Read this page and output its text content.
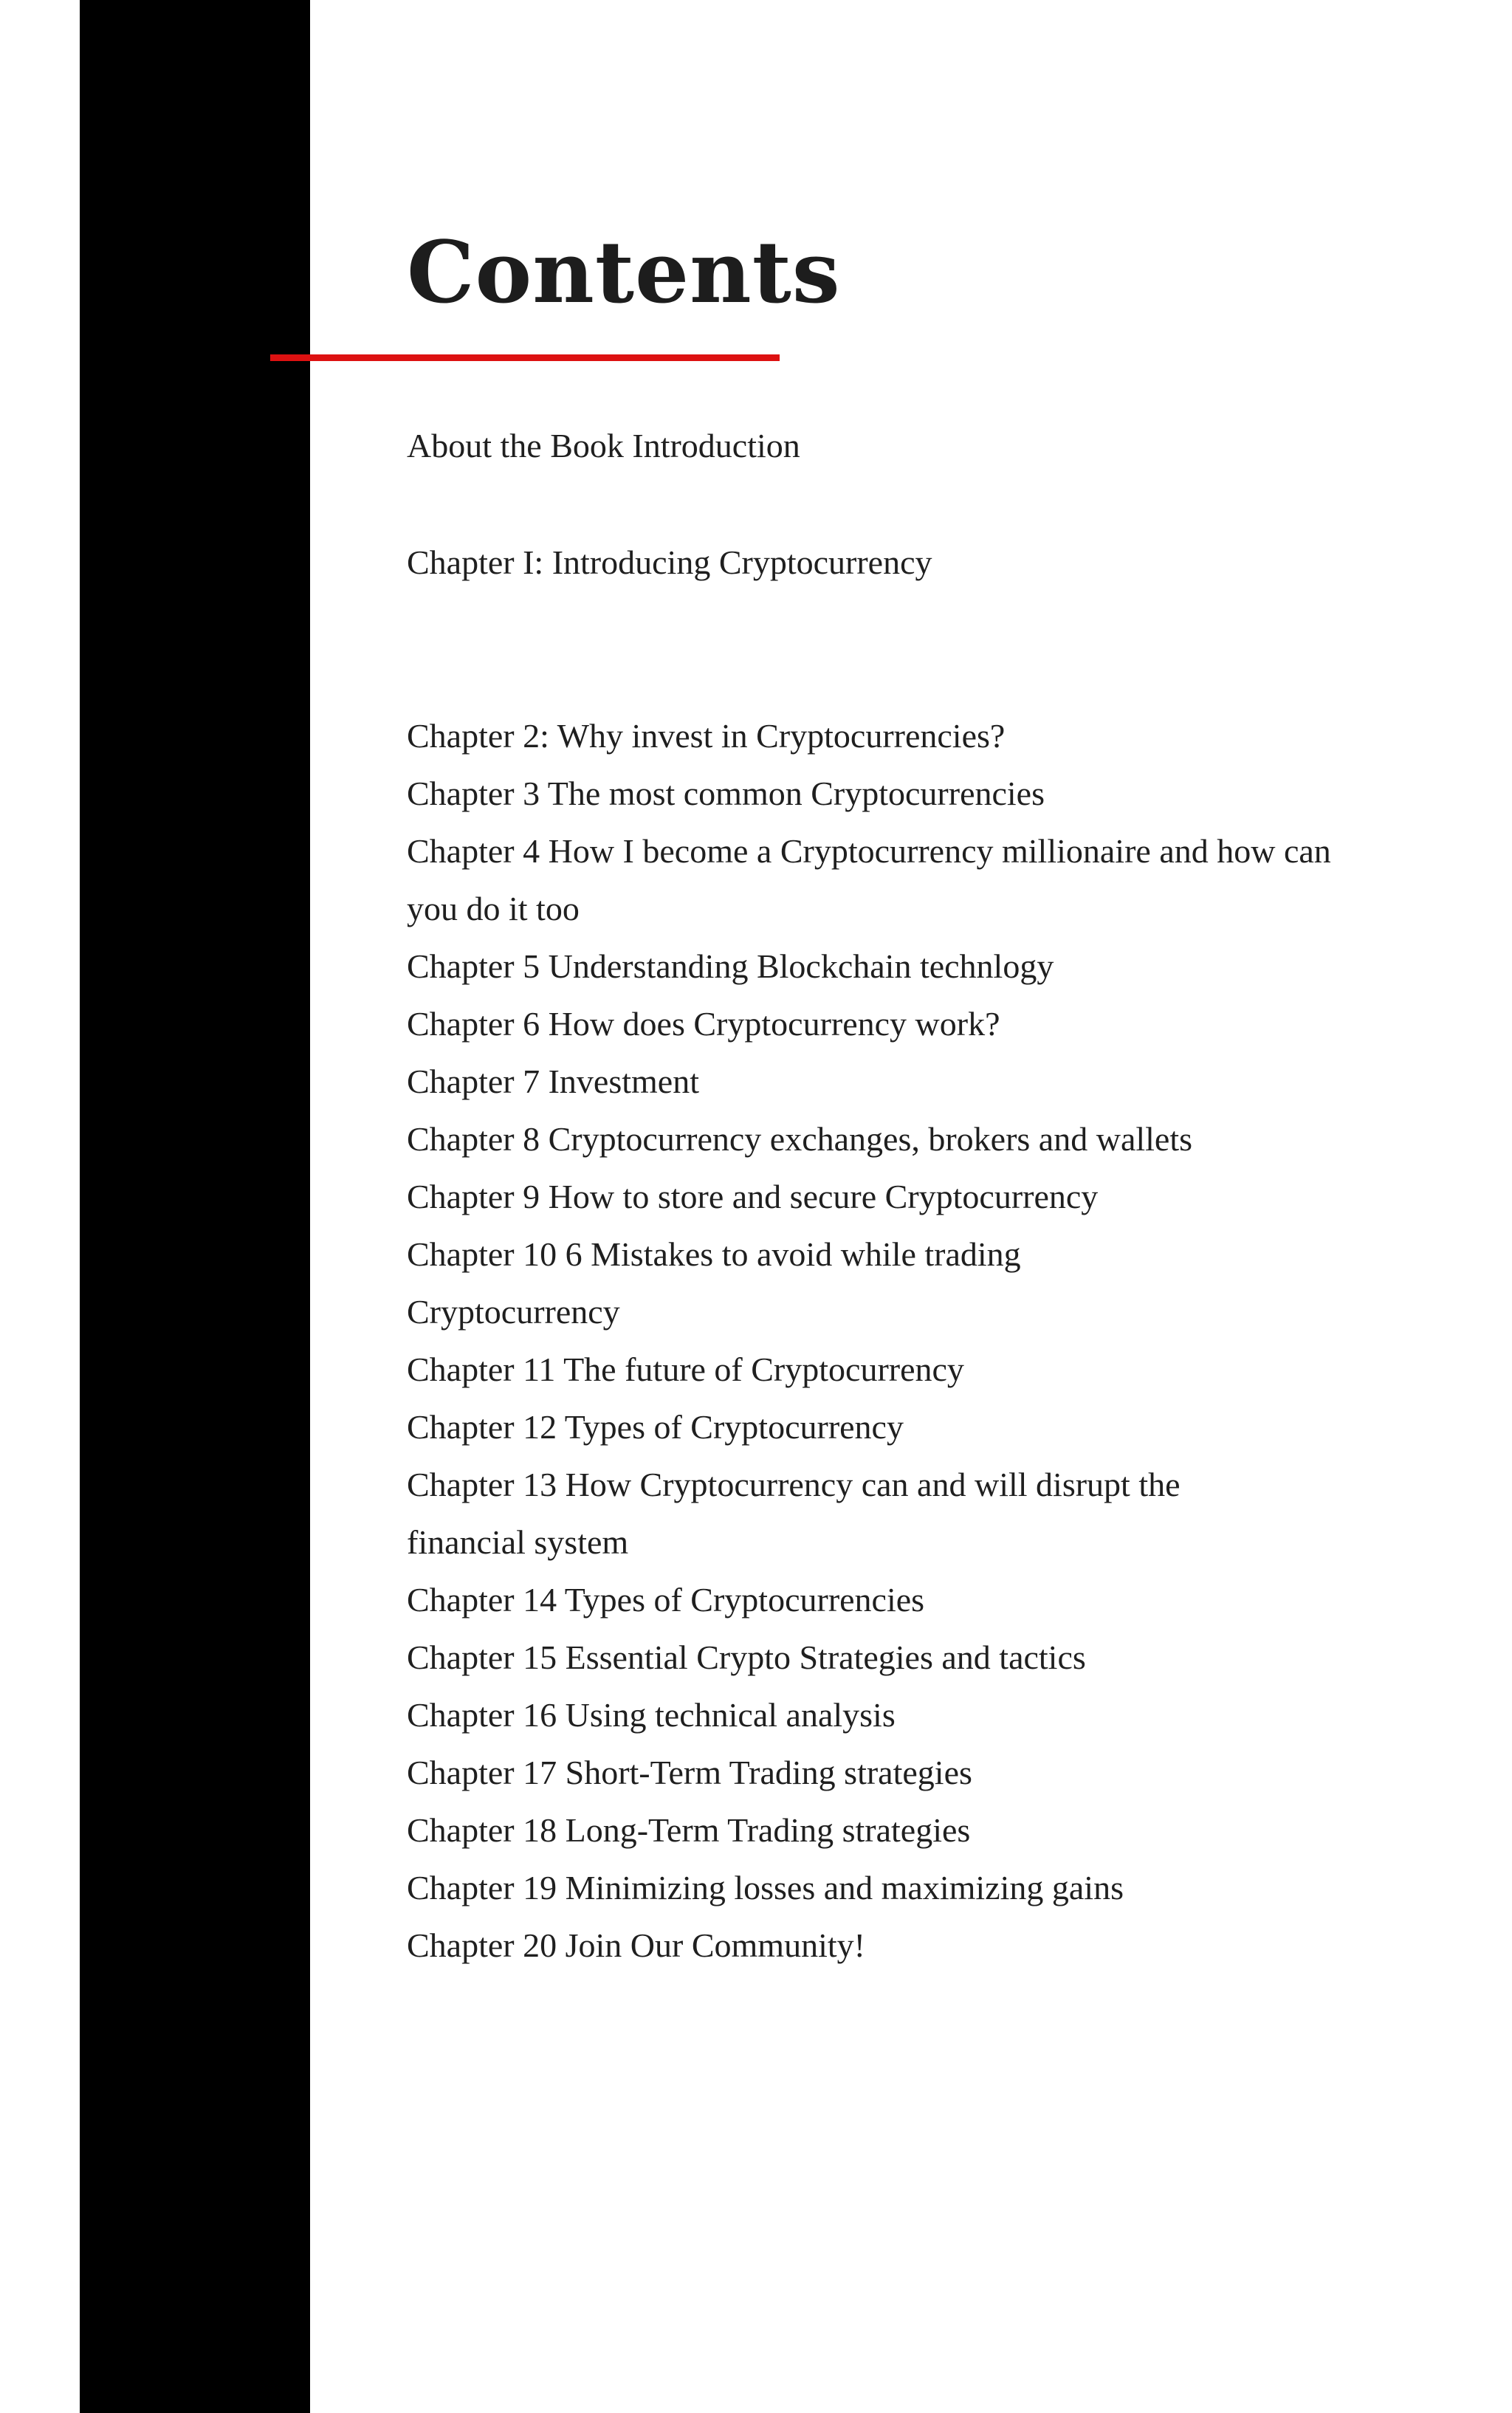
Contents
About the Book Introduction
Chapter I: Introducing Cryptocurrency
Chapter 2: Why invest in Cryptocurrencies?
Chapter 3 The most common Cryptocurrencies
Chapter 4 How I become a Cryptocurrency millionaire and how can you do it too
Chapter 5 Understanding Blockchain technlogy
Chapter 6 How does Cryptocurrency work?
Chapter 7 Investment
Chapter 8 Cryptocurrency exchanges, brokers and wallets
Chapter 9 How to store and secure Cryptocurrency
Chapter 10 6 Mistakes to avoid while trading Cryptocurrency
Chapter 11 The future of Cryptocurrency
Chapter 12 Types of Cryptocurrency
Chapter 13 How Cryptocurrency can and will disrupt the financial system
Chapter 14 Types of Cryptocurrencies
Chapter 15 Essential Crypto Strategies and tactics
Chapter 16 Using technical analysis
Chapter 17 Short-Term Trading strategies
Chapter 18 Long-Term Trading strategies
Chapter 19 Minimizing losses and maximizing gains
Chapter 20 Join Our Community!
